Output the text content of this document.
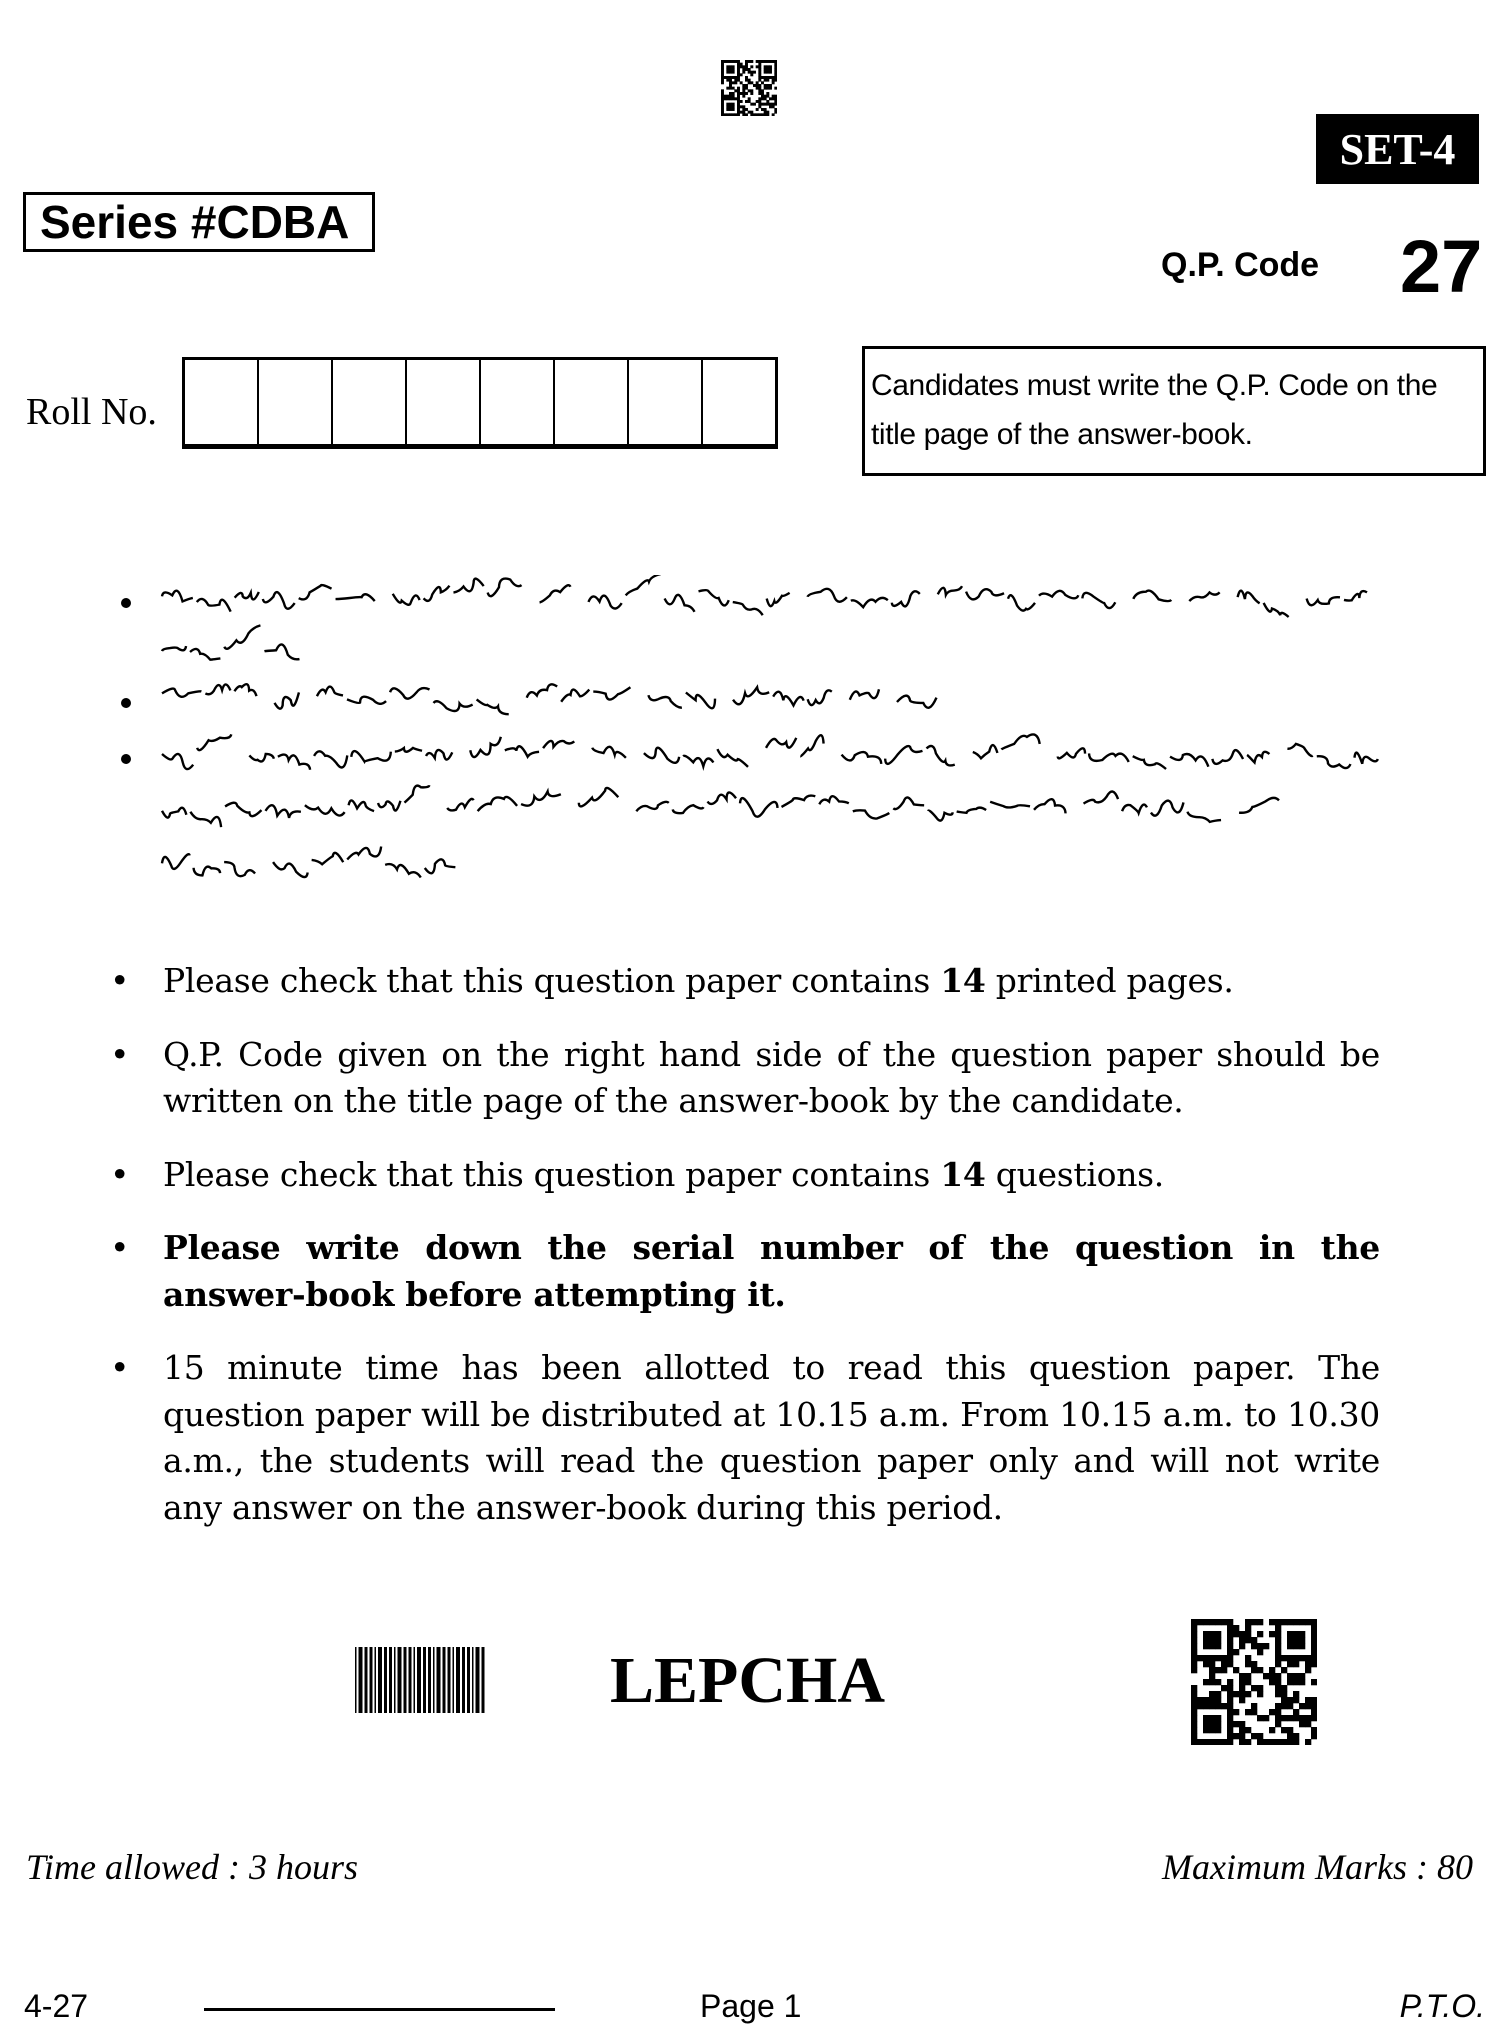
SET-4
Series #CDBA
Q.P. Code 27
Roll No.
Candidates must write the Q.P. Code on the title page of the answer-book.
• Please check that this question paper contains 14 printed pages.
• Q.P. Code given on the right hand side of the question paper should be written on the title page of the answer-book by the candidate.
• Please check that this question paper contains 14 questions.
• Please write down the serial number of the question in the answer-book before attempting it.
• 15 minute time has been allotted to read this question paper. The question paper will be distributed at 10.15 a.m. From 10.15 a.m. to 10.30 a.m., the students will read the question paper only and will not write any answer on the answer-book during this period.
LEPCHA
Time allowed : 3 hours	Maximum Marks : 80
4-27	Page 1	P.T.O.
